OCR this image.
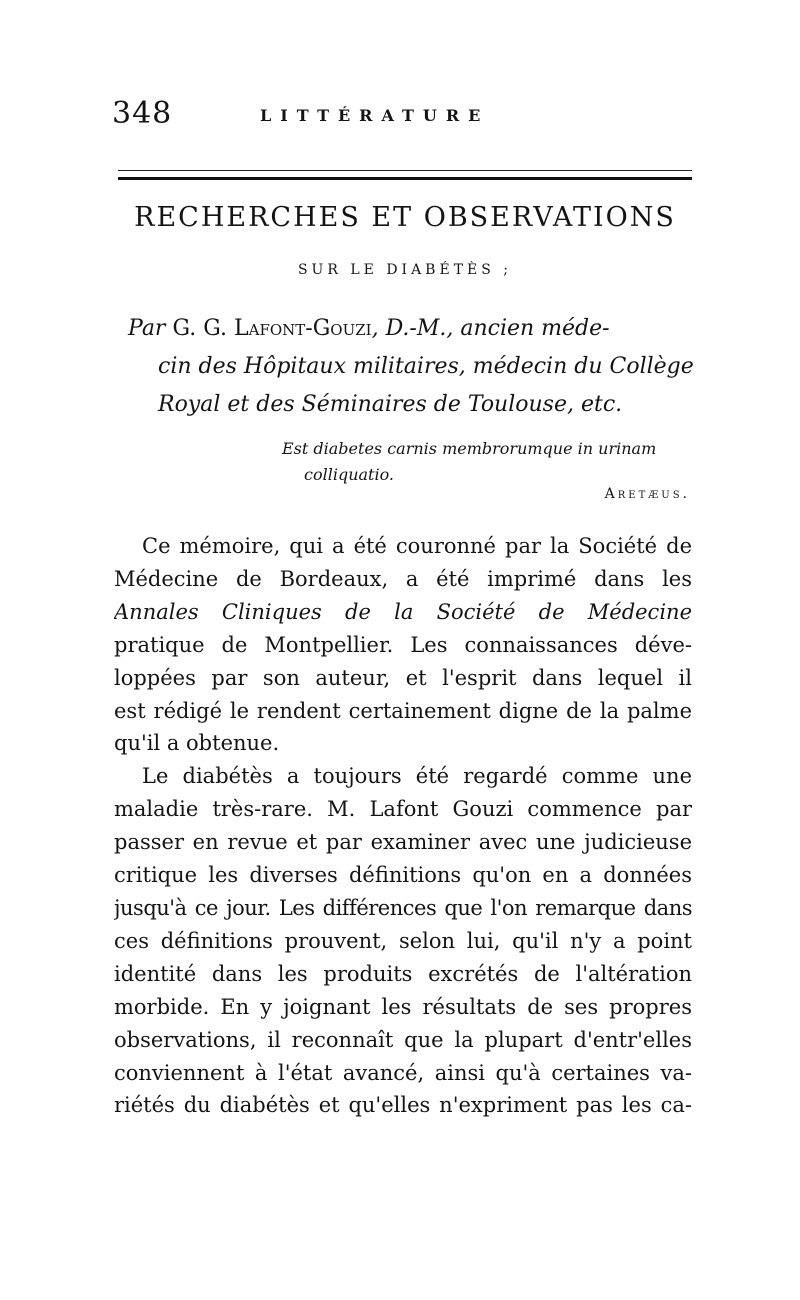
348	LITTÉRATURE
RECHERCHES ET OBSERVATIONS
SUR LE DIABÉTÈS ;
Par G. G. Lafont-Gouzi, D.-M., ancien méde-
cin des Hôpitaux militaires, médecin du Collège
Royal et des Séminaires de Toulouse, etc.
Est diabetes carnis membrorumque in urinam
colliquatio.
Aretæus.
Ce mémoire, qui a été couronné par la Société de
Médecine de Bordeaux, a été imprimé dans les
Annales Cliniques de la Société de Médecine
pratique de Montpellier. Les connaissances déve-
loppées par son auteur, et l'esprit dans lequel il
est rédigé le rendent certainement digne de la palme
qu'il a obtenue.
Le diabétès a toujours été regardé comme une
maladie très-rare. M. Lafont Gouzi commence par
passer en revue et par examiner avec une judicieuse
critique les diverses définitions qu'on en a données
jusqu'à ce jour. Les différences que l'on remarque dans
ces définitions prouvent, selon lui, qu'il n'y a point
identité dans les produits excrétés de l'altération
morbide. En y joignant les résultats de ses propres
observations, il reconnaît que la plupart d'entr'elles
conviennent à l'état avancé, ainsi qu'à certaines va-
riétés du diabétès et qu'elles n'expriment pas les ca-
